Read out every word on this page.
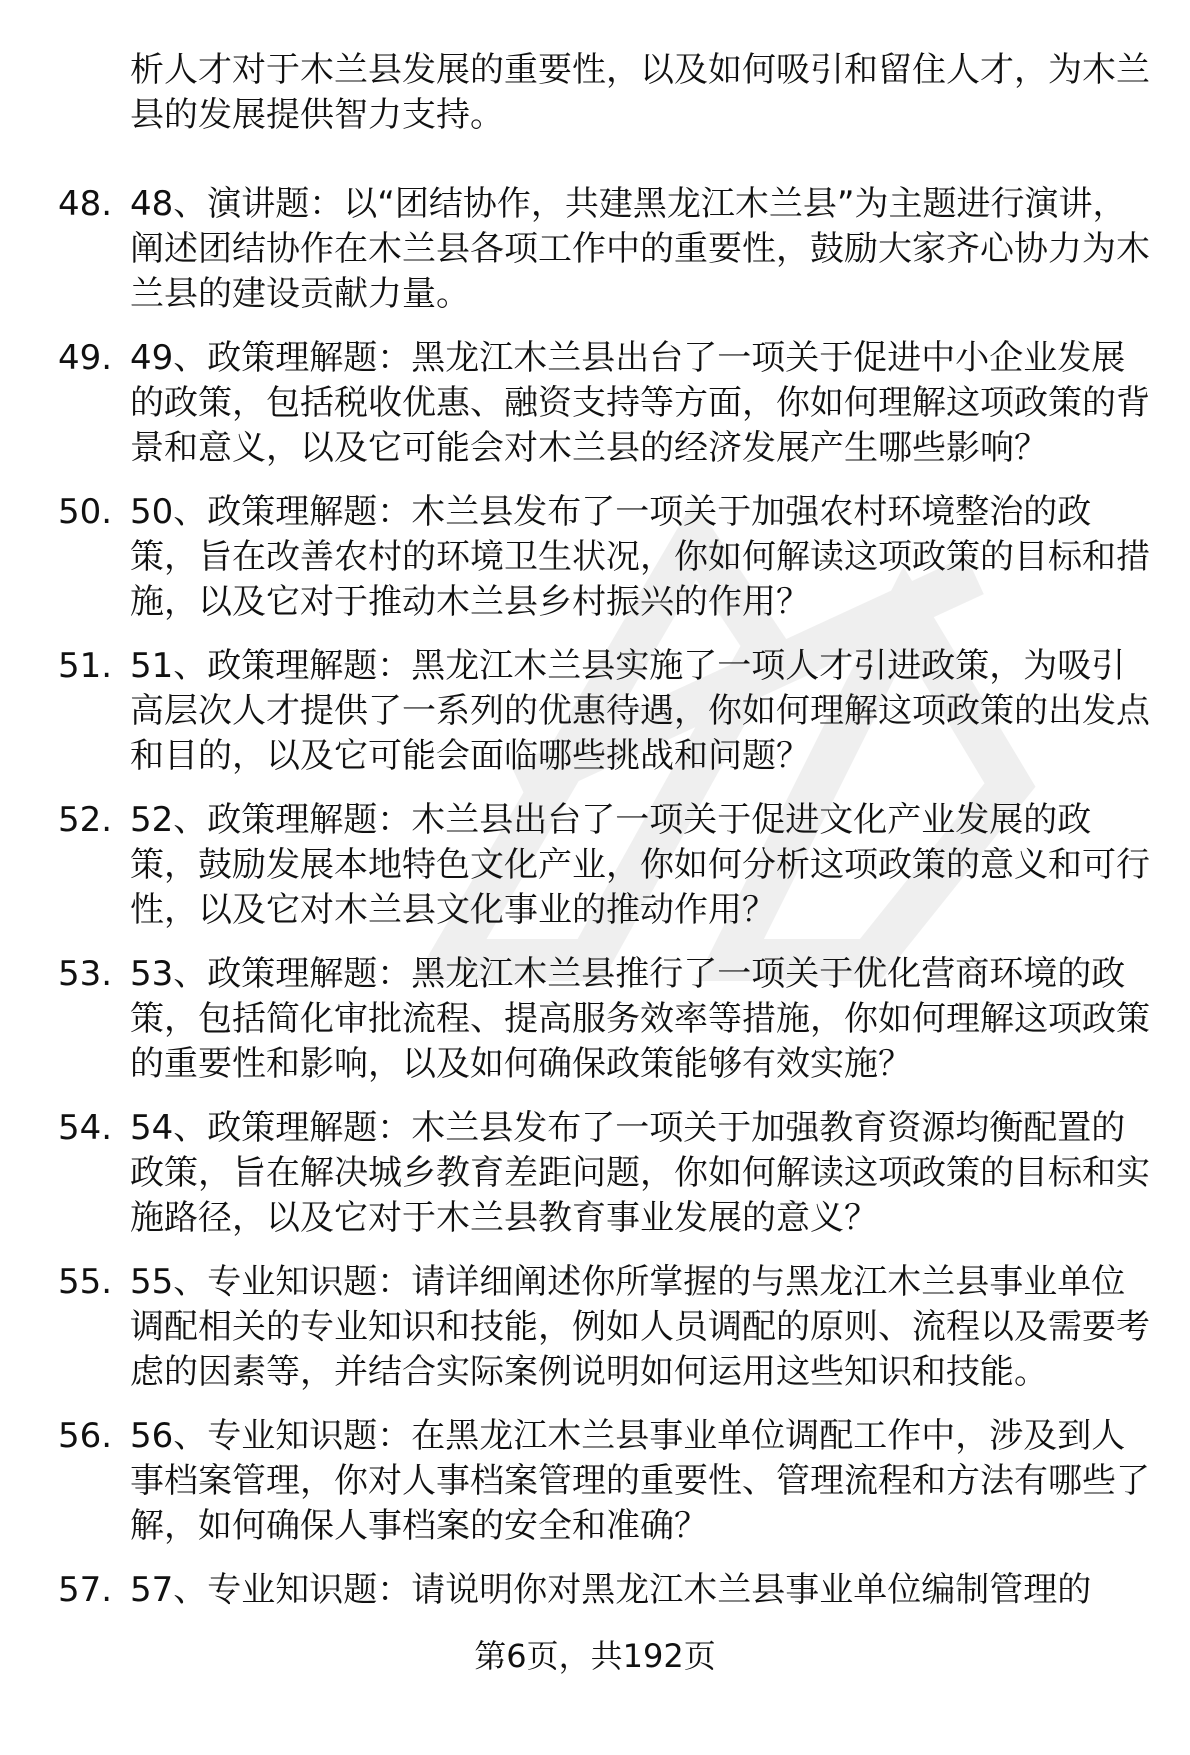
析人才对于木兰县发展的重要性，以及如何吸引和留住人才，为木兰县的发展提供智力支持。

48. 48、演讲题：以“团结协作，共建黑龙江木兰县”为主题进行演讲，阐述团结协作在木兰县各项工作中的重要性，鼓励大家齐心协力为木兰县的建设贡献力量。
49. 49、政策理解题：黑龙江木兰县出台了一项关于促进中小企业发展的政策，包括税收优惠、融资支持等方面，你如何理解这项政策的背景和意义，以及它可能会对木兰县的经济发展产生哪些影响？
50. 50、政策理解题：木兰县发布了一项关于加强农村环境整治的政策，旨在改善农村的环境卫生状况，你如何解读这项政策的目标和措施，以及它对于推动木兰县乡村振兴的作用？
51. 51、政策理解题：黑龙江木兰县实施了一项人才引进政策，为吸引高层次人才提供了一系列的优惠待遇，你如何理解这项政策的出发点和目的，以及它可能会面临哪些挑战和问题？
52. 52、政策理解题：木兰县出台了一项关于促进文化产业发展的政策，鼓励发展本地特色文化产业，你如何分析这项政策的意义和可行性，以及它对木兰县文化事业的推动作用？
53. 53、政策理解题：黑龙江木兰县推行了一项关于优化营商环境的政策，包括简化审批流程、提高服务效率等措施，你如何理解这项政策的重要性和影响，以及如何确保政策能够有效实施？
54. 54、政策理解题：木兰县发布了一项关于加强教育资源均衡配置的政策，旨在解决城乡教育差距问题，你如何解读这项政策的目标和实施路径，以及它对于木兰县教育事业发展的意义？
55. 55、专业知识题：请详细阐述你所掌握的与黑龙江木兰县事业单位调配相关的专业知识和技能，例如人员调配的原则、流程以及需要考虑的因素等，并结合实际案例说明如何运用这些知识和技能。
56. 56、专业知识题：在黑龙江木兰县事业单位调配工作中，涉及到人事档案管理，你对人事档案管理的重要性、管理流程和方法有哪些了解，如何确保人事档案的安全和准确？
57. 57、专业知识题：请说明你对黑龙江木兰县事业单位编制管理的
第6页，共192页
